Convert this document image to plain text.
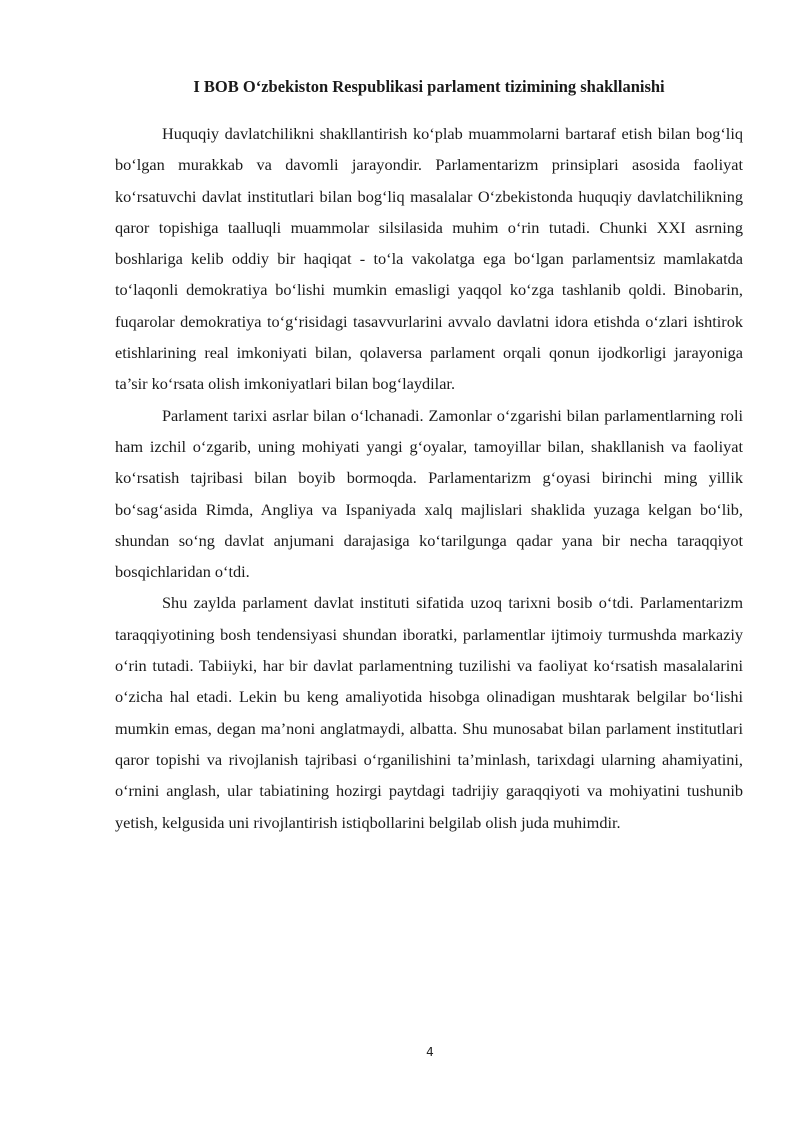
I BOB O‘zbekiston Respublikasi parlament tizimining shakllanishi

Huquqiy davlatchilikni shakllantirish ko‘plab muammolarni bartaraf etish bilan bog‘liq bo‘lgan murakkab va davomli jarayondir. Parlamentarizm prinsiplari asosida faoliyat ko‘rsatuvchi davlat institutlari bilan bog‘liq masalalar O‘zbekistonda huquqiy davlatchilikning qaror topishiga taalluqli muammolar silsilasida muhim o‘rin tutadi. Chunki XXI asrning boshlariga kelib oddiy bir haqiqat - to‘la vakolatga ega bo‘lgan parlamentsiz mamlakatda to‘laqonli demokratiya bo‘lishi mumkin emasligi yaqqol ko‘zga tashlanib qoldi. Binobarin, fuqarolar demokratiya to‘g‘risidagi tasavvurlarini avvalo davlatni idora etishda o‘zlari ishtirok etishlarining real imkoniyati bilan, qolaversa parlament orqali qonun ijodkorligi jarayoniga ta’sir ko‘rsata olish imkoniyatlari bilan bog‘laydilar.

Parlament tarixi asrlar bilan o‘lchanadi. Zamonlar o‘zgarishi bilan parlamentlarning roli ham izchil o‘zgarib, uning mohiyati yangi g‘oyalar, tamoyillar bilan, shakllanish va faoliyat ko‘rsatish tajribasi bilan boyib bormoqda. Parlamentarizm g‘oyasi birinchi ming yillik bo‘sag‘asida Rimda, Angliya va Ispaniyada xalq majlislari shaklida yuzaga kelgan bo‘lib, shundan so‘ng davlat anjumani darajasiga ko‘tarilgunga qadar yana bir necha taraqqiyot bosqichlaridan o‘tdi.

Shu zaylda parlament davlat instituti sifatida uzoq tarixni bosib o‘tdi. Parlamentarizm taraqqiyotining bosh tendensiyasi shundan iboratki, parlamentlar ijtimoiy turmushda markaziy o‘rin tutadi. Tabiiyki, har bir davlat parlamentning tuzilishi va faoliyat ko‘rsatish masalalarini o‘zicha hal etadi. Lekin bu keng amaliyotida hisobga olinadigan mushtarak belgilar bo‘lishi mumkin emas, degan ma’noni anglatmaydi, albatta. Shu munosabat bilan parlament institutlari qaror topishi va rivojlanish tajribasi o‘rganilishini ta’minlash, tarixdagi ularning ahamiyatini, o‘rnini anglash, ular tabiatining hozirgi paytdagi tadrijiy garaqqiyoti va mohiyatini tushunib yetish, kelgusida uni rivojlantirish istiqbollarini belgilab olish juda muhimdir.

4
